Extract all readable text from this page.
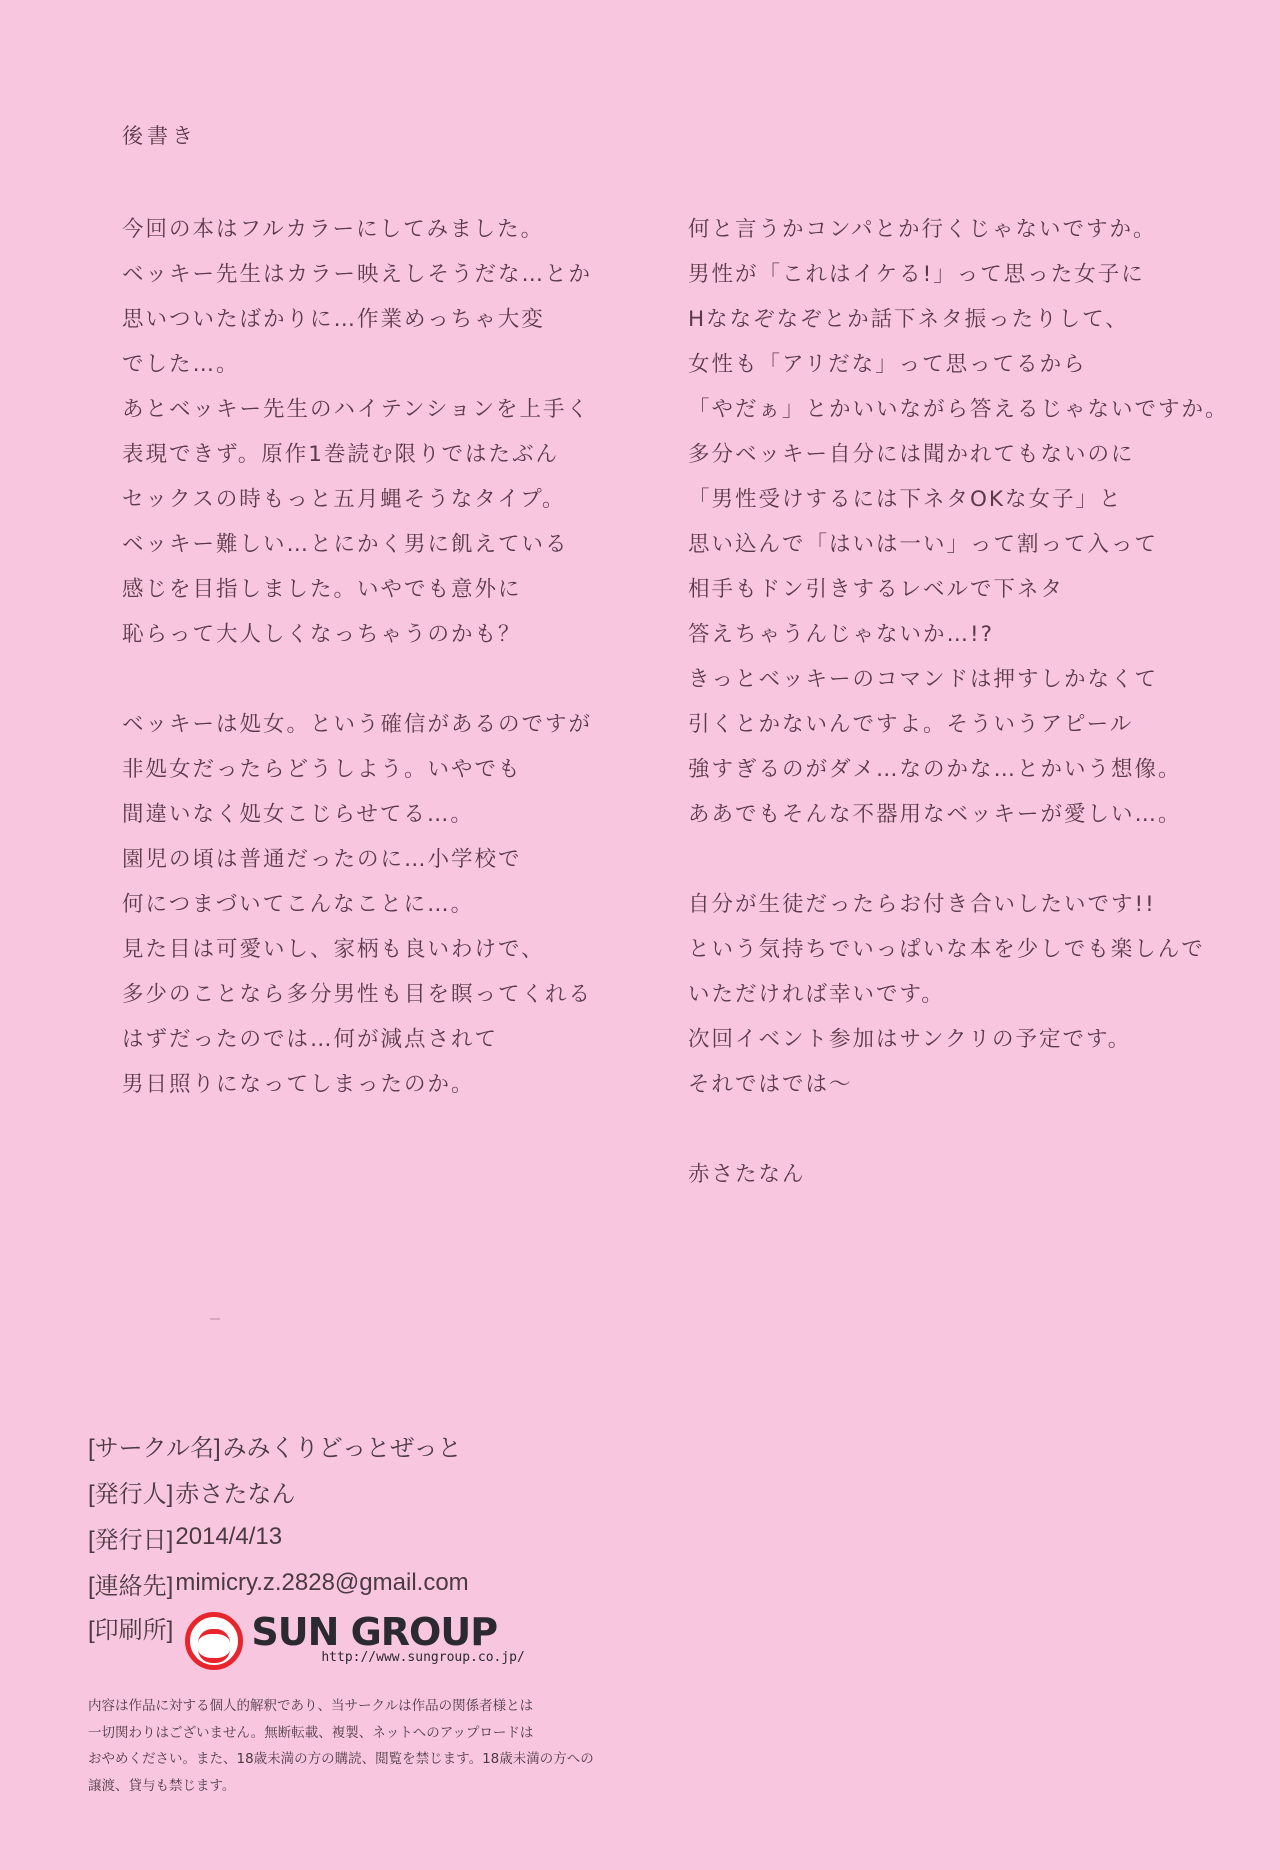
後書き
今回の本はフルカラーにしてみました。
ベッキー先生はカラー映えしそうだな…とか
思いついたばかりに…作業めっちゃ大変
でした…。
あとベッキー先生のハイテンションを上手く
表現できず。原作1巻読む限りではたぶん
セックスの時もっと五月蝿そうなタイプ。
ベッキー難しい…とにかく男に飢えている
感じを目指しました。いやでも意外に
恥らって大人しくなっちゃうのかも？
ベッキーは処女。という確信があるのですが
非処女だったらどうしよう。いやでも
間違いなく処女こじらせてる…。
園児の頃は普通だったのに…小学校で
何につまづいてこんなことに…。
見た目は可愛いし、家柄も良いわけで、
多少のことなら多分男性も目を瞑ってくれる
はずだったのでは…何が減点されて
男日照りになってしまったのか。
何と言うかコンパとか行くじゃないですか。
男性が「これはイケる!」って思った女子に
Hななぞなぞとか話下ネタ振ったりして、
女性も「アリだな」って思ってるから
「やだぁ」とかいいながら答えるじゃないですか。
多分ベッキー自分には聞かれてもないのに
「男性受けするには下ネタOKな女子」と
思い込んで「はいは一い」って割って入って
相手もドン引きするレベルで下ネタ
答えちゃうんじゃないか…!?
きっとベッキーのコマンドは押すしかなくて
引くとかないんですよ。そういうアピール
強すぎるのがダメ…なのかな…とかいう想像。
ああでもそんな不器用なベッキーが愛しい…。
自分が生徒だったらお付き合いしたいです!!
という気持ちでいっぱいな本を少しでも楽しんで
いただければ幸いです。
次回イベント参加はサンクリの予定です。
それではでは〜
赤さたなん
[サークル名] みみくりどっとぜっと
[発行人] 赤さたなん
[発行日] 2014/4/13
[連絡先] mimicry.z.2828@gmail.com
[印刷所] SUN GROUP
http://www.sungroup.co.jp/
内容は作品に対する個人的解釈であり、当サークルは作品の関係者様とは
一切関わりはございません。無断転載、複製、ネットへのアップロードは
おやめください。また、18歳未満の方の購読、閲覧を禁じます。18歳未満の方への
譲渡、貸与も禁じます。
